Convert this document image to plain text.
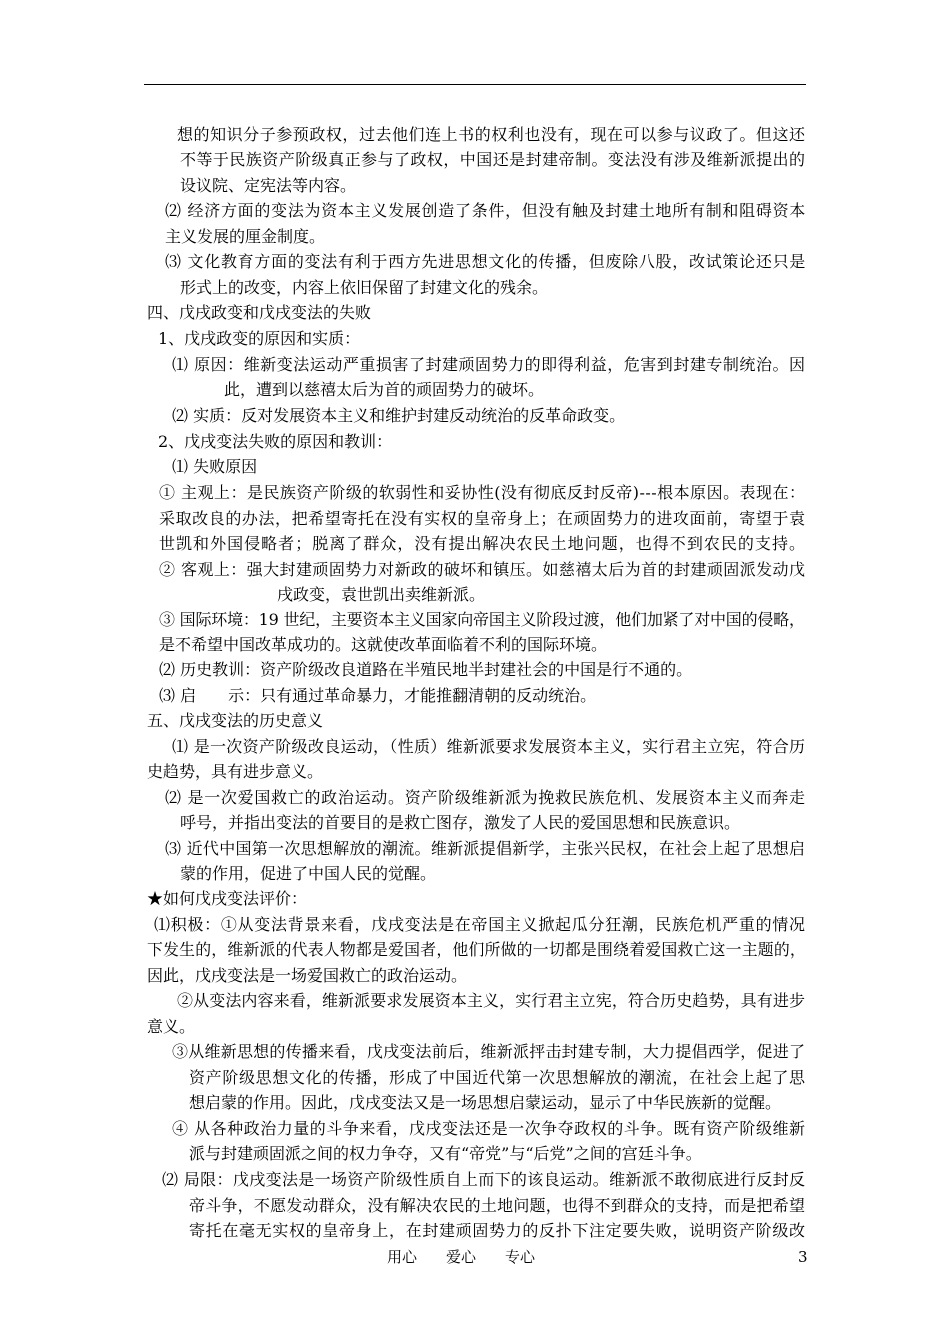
想的知识分子参预政权，过去他们连上书的权利也没有，现在可以参与议政了。但这还
不等于民族资产阶级真正参与了政权，中国还是封建帝制。变法没有涉及维新派提出的
设议院、定宪法等内容。
⑵ 经济方面的变法为资本主义发展创造了条件，但没有触及封建土地所有制和阻碍资本
主义发展的厘金制度。
⑶ 文化教育方面的变法有利于西方先进思想文化的传播，但废除八股，改试策论还只是
形式上的改变，内容上依旧保留了封建文化的残余。
四、戊戌政变和戊戌变法的失败
1、戊戌政变的原因和实质：
⑴ 原因：维新变法运动严重损害了封建顽固势力的即得利益，危害到封建专制统治。因
此，遭到以慈禧太后为首的顽固势力的破坏。
⑵ 实质：反对发展资本主义和维护封建反动统治的反革命政变。
2、戊戌变法失败的原因和教训：
⑴ 失败原因
① 主观上：是民族资产阶级的软弱性和妥协性(没有彻底反封反帝)---根本原因。表现在：
采取改良的办法，把希望寄托在没有实权的皇帝身上；在顽固势力的进攻面前，寄望于袁
世凯和外国侵略者；脱离了群众，没有提出解决农民土地问题，也得不到农民的支持。
② 客观上：强大封建顽固势力对新政的破坏和镇压。如慈禧太后为首的封建顽固派发动戊
戌政变，袁世凯出卖维新派。
③ 国际环境：19 世纪，主要资本主义国家向帝国主义阶段过渡，他们加紧了对中国的侵略，
是不希望中国改革成功的。这就使改革面临着不利的国际环境。
⑵ 历史教训：资产阶级改良道路在半殖民地半封建社会的中国是行不通的。
⑶ 启　　示：只有通过革命暴力，才能推翻清朝的反动统治。
五、戊戌变法的历史意义
⑴ 是一次资产阶级改良运动，（性质）维新派要求发展资本主义，实行君主立宪，符合历
史趋势，具有进步意义。
⑵ 是一次爱国救亡的政治运动。资产阶级维新派为挽救民族危机、发展资本主义而奔走
呼号，并指出变法的首要目的是救亡图存，激发了人民的爱国思想和民族意识。
⑶ 近代中国第一次思想解放的潮流。维新派提倡新学，主张兴民权，在社会上起了思想启
蒙的作用，促进了中国人民的觉醒。
★如何戊戌变法评价：
⑴积极：①从变法背景来看，戊戌变法是在帝国主义掀起瓜分狂潮，民族危机严重的情况
下发生的，维新派的代表人物都是爱国者，他们所做的一切都是围绕着爱国救亡这一主题的，
因此，戊戌变法是一场爱国救亡的政治运动。
②从变法内容来看，维新派要求发展资本主义，实行君主立宪，符合历史趋势，具有进步
意义。
③从维新思想的传播来看，戊戌变法前后，维新派抨击封建专制，大力提倡西学，促进了
资产阶级思想文化的传播，形成了中国近代第一次思想解放的潮流，在社会上起了思
想启蒙的作用。因此，戊戌变法又是一场思想启蒙运动，显示了中华民族新的觉醒。
④ 从各种政治力量的斗争来看，戊戌变法还是一次争夺政权的斗争。既有资产阶级维新
派与封建顽固派之间的权力争夺，又有“帝党”与“后党”之间的宫廷斗争。
⑵ 局限：戊戌变法是一场资产阶级性质自上而下的该良运动。维新派不敢彻底进行反封反
帝斗争，不愿发动群众，没有解决农民的土地问题，也得不到群众的支持，而是把希望
寄托在毫无实权的皇帝身上，在封建顽固势力的反扑下注定要失败，说明资产阶级改
用心 爱心 专心	3
